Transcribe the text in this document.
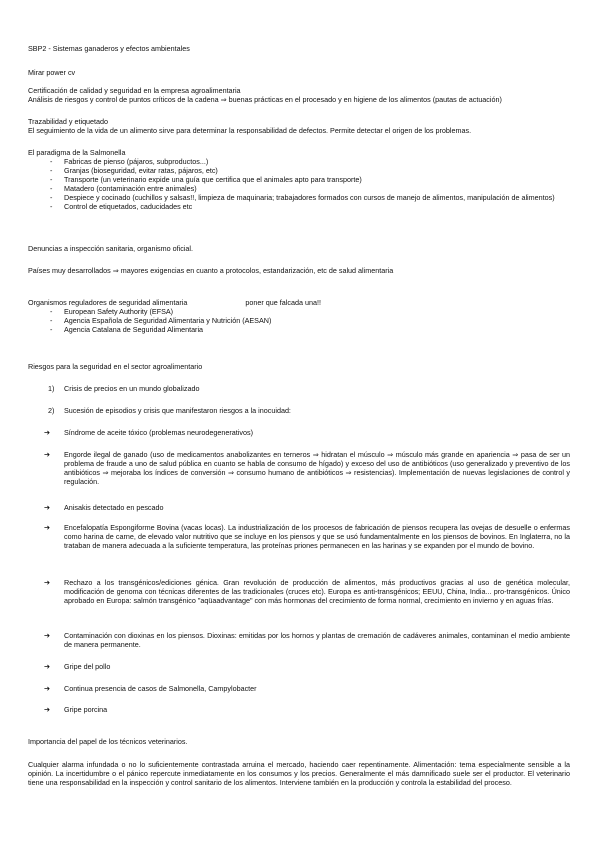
SBP2 - Sistemas ganaderos y efectos ambientales

Mirar power cv

Certificación de calidad y seguridad en la empresa agroalimentaria

Análisis de riesgos y control de puntos críticos de la cadena ⇒ buenas prácticas en el procesado y en higiene de los alimentos (pautas de actuación)

Trazabilidad y etiquetado

El seguimiento de la vida de un alimento sirve para determinar la responsabilidad de defectos. Permite detectar el origen de los problemas.

El paradigma de la Salmonella

- Fabricas de pienso (pájaros, subproductos...)
- Granjas (bioseguridad, evitar ratas, pájaros, etc)
- Transporte (un veterinario expide una guía que certifica que el animales apto para transporte)
- Matadero (contaminación entre animales)
- Despiece y cocinado (cuchillos y salsas!!, limpieza de maquinaria; trabajadores formados con cursos de manejo de alimentos, manipulación de alimentos)
- Control de etiquetados, caducidades etc

Denuncias a inspección sanitaria, organismo oficial.

Países muy desarrollados ⇒ mayores exigencias en cuanto a protocolos, estandarización, etc de salud alimentaria

Organismos reguladores de seguridad alimentaria	poner que falcada una!!

- European Safety Authority (EFSA)
- Agencia Española de Seguridad Alimentaria y Nutrición (AESAN)
- Agencia Catalana de Seguridad Alimentaria

Riesgos para la seguridad en el sector agroalimentario

1) Crisis de precios en un mundo globalizado
2) Sucesión de episodios y crisis que manifestaron riesgos a la inocuidad:
➔ Síndrome de aceite tóxico (problemas neurodegenerativos)
➔ Engorde ilegal de ganado (uso de medicamentos anabolizantes en terneros ⇒ hidratan el músculo ⇒ músculo más grande en apariencia ⇒ pasa de ser un problema de fraude a uno de salud pública en cuanto se habla de consumo de hígado) y exceso del uso de antibióticos (uso generalizado y preventivo de los antibióticos ⇒ mejoraba los índices de conversión ⇒ consumo humano de antibióticos ⇒ resistencias). Implementación de nuevas legislaciones de control y regulación.
➔ Anisakis detectado en pescado
➔ Encefalopatía Espongiforme Bovina (vacas locas). La industrialización de los procesos de fabricación de piensos recupera las ovejas de desuelle o enfermas como harina de carne, de elevado valor nutritivo que se incluye en los piensos y que se usó fundamentalmente en los piensos de bovinos. En Inglaterra, no la trataban de manera adecuada a la suficiente temperatura, las proteínas priones permanecen en las harinas y se expanden por el mundo de bovino.
➔ Rechazo a los transgénicos/ediciones génica. Gran revolución de producción de alimentos, más productivos gracias al uso de genética molecular, modificación de genoma con técnicas diferentes de las tradicionales (cruces etc). Europa es anti-transgénicos; EEUU, China, India... pro-transgénicos. Único aprobado en Europa: salmón transgénico "aqüaadvantage" con más hormonas del crecimiento de forma normal, crecimiento en invierno y en aguas frías.
➔ Contaminación con dioxinas en los piensos. Dioxinas: emitidas por los hornos y plantas de cremación de cadáveres animales, contaminan el medio ambiente de manera permanente.
➔ Gripe del pollo
➔ Continua presencia de casos de Salmonella, Campylobacter
➔ Gripe porcina

Importancia del papel de los técnicos veterinarios.

Cualquier alarma infundada o no lo suficientemente contrastada arruina el mercado, haciendo caer repentinamente. Alimentación: tema especialmente sensible a la opinión. La incertidumbre o el pánico repercute inmediatamente en los consumos y los precios. Generalmente el más damnificado suele ser el productor. El veterinario tiene una responsabilidad en la inspección y control sanitario de los alimentos. Interviene también en la producción y controla la estabilidad del proceso.
